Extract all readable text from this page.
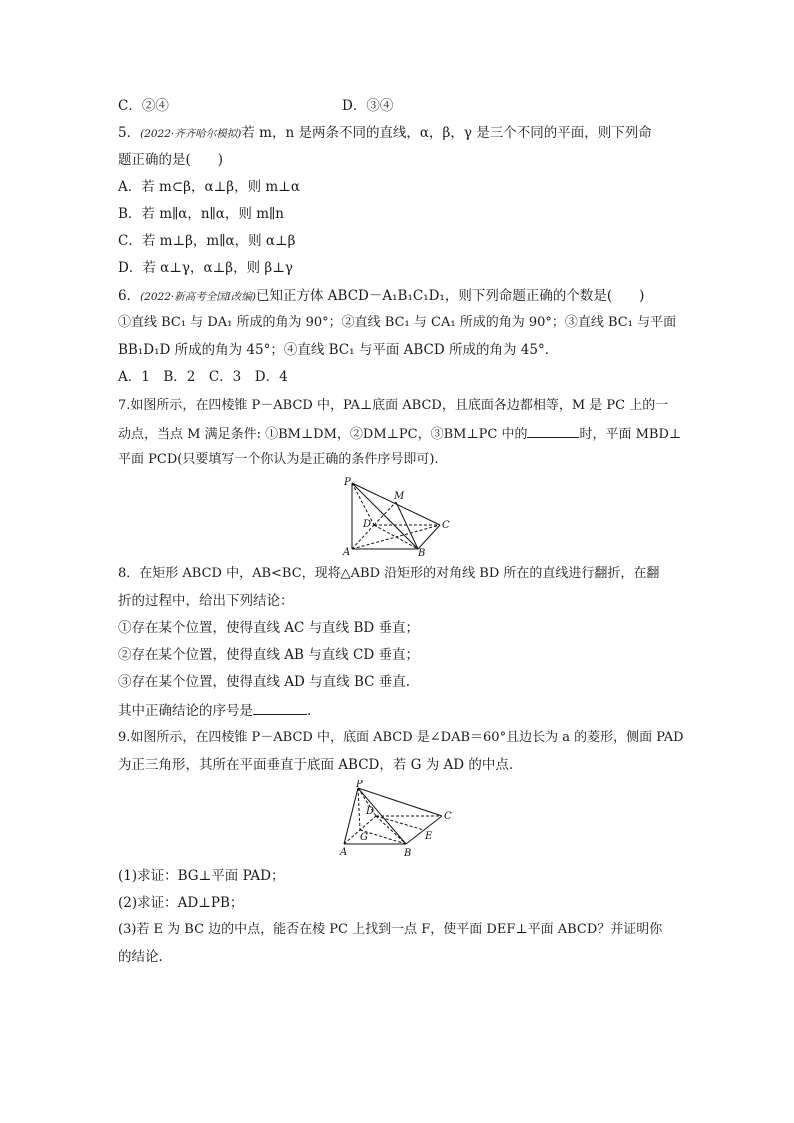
C．②④	D．③④
5．(2022·齐齐哈尔模拟)若 m，n 是两条不同的直线，α，β，γ 是三个不同的平面，则下列命
题正确的是(　　)
A．若 m⊂β，α⊥β，则 m⊥α
B．若 m∥α，n∥α，则 m∥n
C．若 m⊥β，m∥α，则 α⊥β
D．若 α⊥γ，α⊥β，则 β⊥γ
6．(2022·新高考全国Ⅰ改编)已知正方体 ABCD－A₁B₁C₁D₁，则下列命题正确的个数是(　　)
①直线 BC₁ 与 DA₁ 所成的角为 90°；②直线 BC₁ 与 CA₁ 所成的角为 90°；③直线 BC₁ 与平面
BB₁D₁D 所成的角为 45°；④直线 BC₁ 与平面 ABCD 所成的角为 45°.
A．1　B．2　C．3　D．4
7.如图所示，在四棱锥 P－ABCD 中，PA⊥底面 ABCD，且底面各边都相等，M 是 PC 上的一
动点，当点 M 满足条件: ①BM⊥DM，②DM⊥PC，③BM⊥PC 中的	时，平面 MBD⊥
平面 PCD(只要填写一个你认为是正确的条件序号即可).
P
M
D	C
A	B
8．在矩形 ABCD 中，AB<BC，现将△ABD 沿矩形的对角线 BD 所在的直线进行翻折，在翻
折的过程中，给出下列结论：
①存在某个位置，使得直线 AC 与直线 BD 垂直；
②存在某个位置，使得直线 AB 与直线 CD 垂直；
③存在某个位置，使得直线 AD 与直线 BC 垂直.
其中正确结论的序号是	.
9.如图所示，在四棱锥 P－ABCD 中，底面 ABCD 是∠DAB＝60°且边长为 a 的菱形，侧面 PAD
为正三角形，其所在平面垂直于底面 ABCD，若 G 为 AD 的中点.
P
D	C
G	E
A	B
(1)求证：BG⊥平面 PAD；
(2)求证：AD⊥PB；
(3)若 E 为 BC 边的中点，能否在棱 PC 上找到一点 F，使平面 DEF⊥平面 ABCD？并证明你
的结论.
